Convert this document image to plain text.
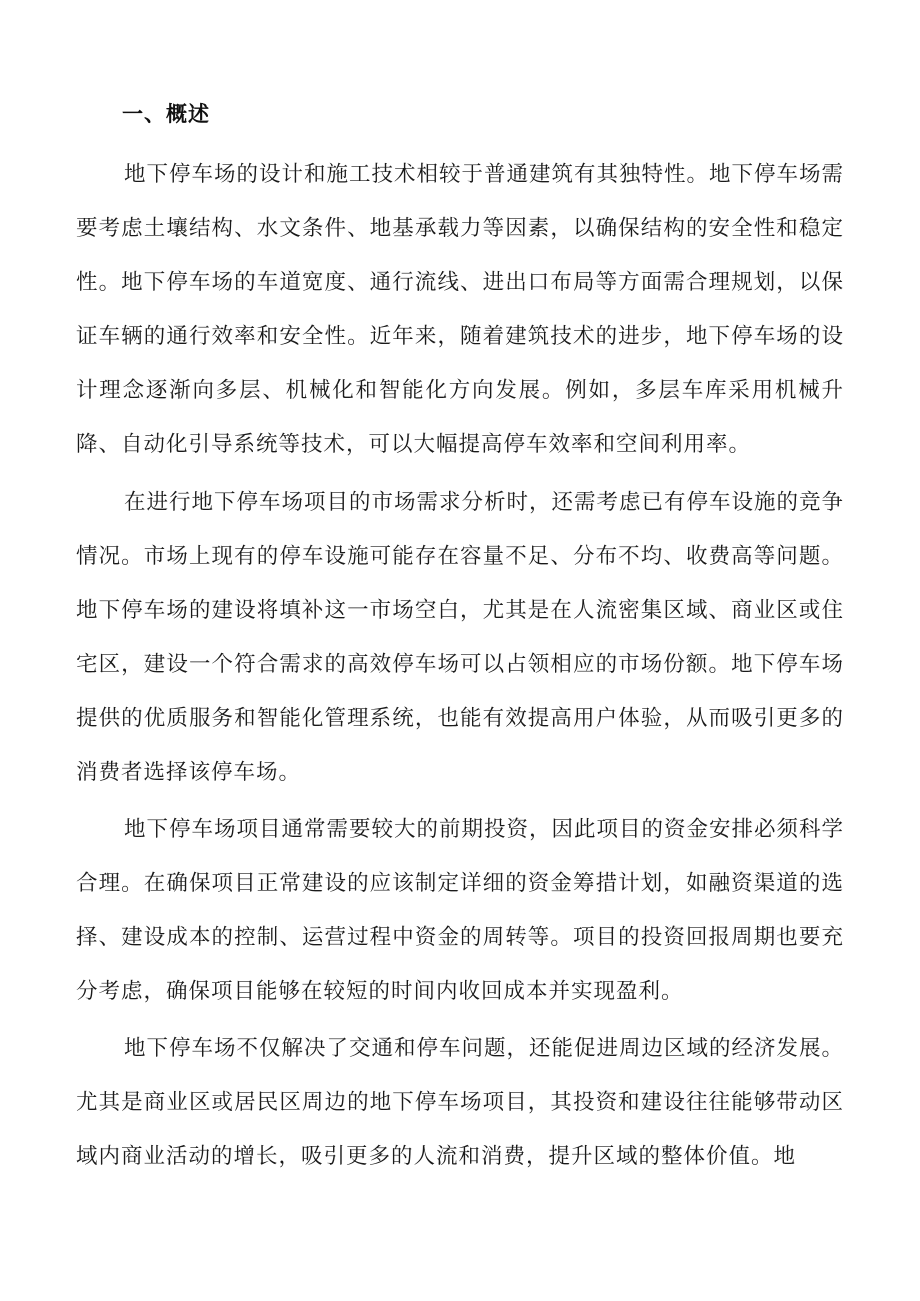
一、概述

地下停车场的设计和施工技术相较于普通建筑有其独特性。地下停车场需要考虑土壤结构、水文条件、地基承载力等因素，以确保结构的安全性和稳定性。地下停车场的车道宽度、通行流线、进出口布局等方面需合理规划，以保证车辆的通行效率和安全性。近年来，随着建筑技术的进步，地下停车场的设计理念逐渐向多层、机械化和智能化方向发展。例如，多层车库采用机械升降、自动化引导系统等技术，可以大幅提高停车效率和空间利用率。

在进行地下停车场项目的市场需求分析时，还需考虑已有停车设施的竞争情况。市场上现有的停车设施可能存在容量不足、分布不均、收费高等问题。地下停车场的建设将填补这一市场空白，尤其是在人流密集区域、商业区或住宅区，建设一个符合需求的高效停车场可以占领相应的市场份额。地下停车场提供的优质服务和智能化管理系统，也能有效提高用户体验，从而吸引更多的消费者选择该停车场。

地下停车场项目通常需要较大的前期投资，因此项目的资金安排必须科学合理。在确保项目正常建设的应该制定详细的资金筹措计划，如融资渠道的选择、建设成本的控制、运营过程中资金的周转等。项目的投资回报周期也要充分考虑，确保项目能够在较短的时间内收回成本并实现盈利。

地下停车场不仅解决了交通和停车问题，还能促进周边区域的经济发展。尤其是商业区或居民区周边的地下停车场项目，其投资和建设往往能够带动区域内商业活动的增长，吸引更多的人流和消费，提升区域的整体价值。地
